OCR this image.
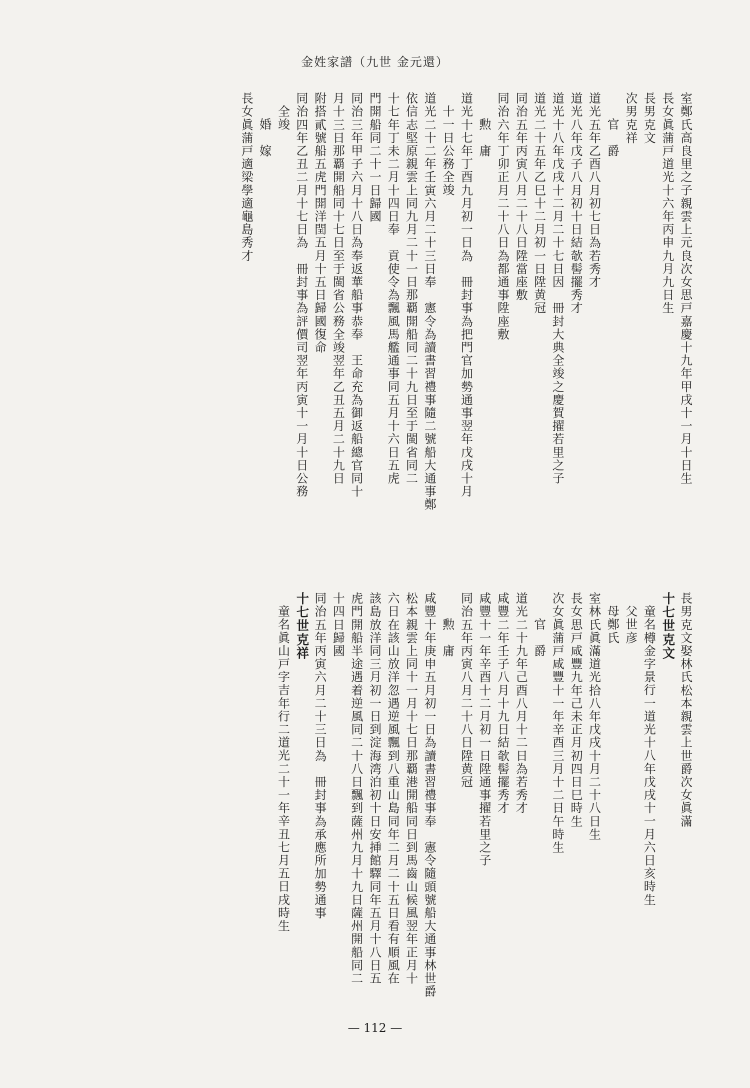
金姓家譜（九世 金元還）
室鄭氏高良里之子親雲上元良次女思戸嘉慶十九年甲戌十一月十日生
長女眞蒲戸道光十六年丙申九月九日生
長男克文
次男克祥
官　爵
道光五年乙酉八月初七日為若秀才
道光八年戊子八月初十日結欹髻擺秀才
道光十八年戊戌十二月二十七日因　冊封大典全竣之慶賀擢若里之子
道光二十五年乙巳十二月初一日陞黄冠
同治五年丙寅八月二十八日陞當座敷
同治六年丁卯正月二十八日為都通事陞座敷
勲　庸
道光十七年丁酉九月初一日為　冊封事為把門官加勢通事翌年戊戌十月
十一日公務全竣
道光二十二年壬寅六月二十三日奉　憲令為讀書習禮事隨二號船大通事鄭
依信志堅原親雲上同九月二十一日那覇開船同二十九日至于閩省同二
十七年丁未二月十四日奉　貢使令為飄風馬艦通事同五月十六日五虎
門開船同二十一日歸國
同治三年甲子六月十八日為奉返華船事恭奉　王命充為御返船總官同十
月十三日那覇開船同十七日至于閩省公務全竣翌年乙丑五月二十九日
附搭貳號船五虎門開洋閏五月十五日歸國復命
同治四年乙丑二月十七日為　冊封事為評價司翌年丙寅十一月十日公務
全竣
婚　嫁
長女眞蒲戸適梁學適龜島秀才
長男克文娶林氏松本親雲上世爵次女眞滿
十七世克文
童名樽金字景行一道光十八年戊戌十一月六日亥時生
父世彦
母鄭氏
室林氏眞滿道光拾八年戊戌十月二十八日生
長女思戸咸豐九年己未正月初四日巳時生
次女眞蒲戸咸豐十一年辛酉三月十二日午時生
官　爵
道光二十九年己酉八月十二日為若秀才
咸豐二年壬子八月十九日結欹髻擺秀才
咸豐十一年辛酉十二月初一日陞通事擢若里之子
同治五年丙寅八月二十八日陞黄冠
勲　庸
咸豐十年庚申五月初一日為讀書習禮事奉　憲令隨頭號船大通事林世爵
松本親雲上同十一月十七日那覇港開船同日到馬齒山候風翌年正月十
六日在該山放洋忽遇逆風飄到八重山島同年二月二十五日看有順風在
該島放洋同三月初一日到淀海湾泊初十日安挿館驛同年五月十八日五
虎門開船半途遇着逆風同二十八日飄到薩州九月十九日薩州開船同二
十四日歸國
同治五年丙寅六月二十三日為　冊封事為承應所加勢通事
十七世克祥
童名眞山戸字吉年行二道光二十一年辛丑七月五日戌時生
— 112 —
